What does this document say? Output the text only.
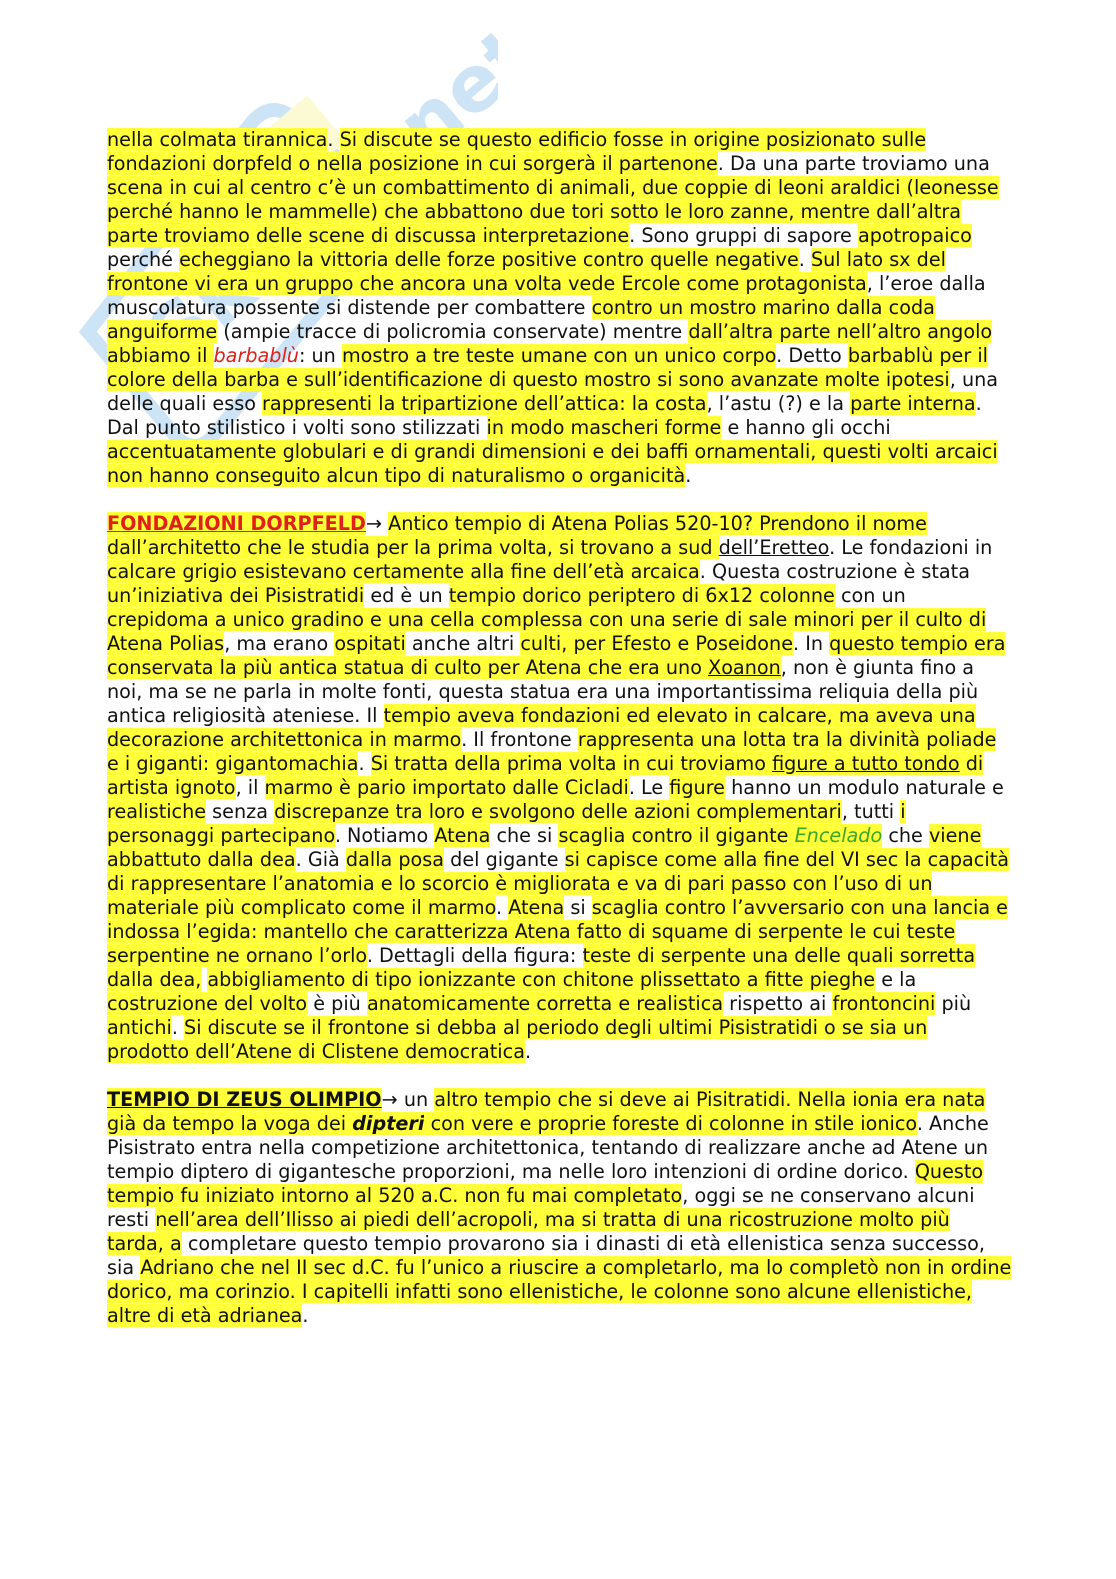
nella colmata tirannica. Si discute se questo edificio fosse in origine posizionato sulle fondazioni dorpfeld o nella posizione in cui sorgerà il partenone. Da una parte troviamo una scena in cui al centro c’è un combattimento di animali, due coppie di leoni araldici (leonesse perché hanno le mammelle) che abbattono due tori sotto le loro zanne, mentre dall’altra parte troviamo delle scene di discussa interpretazione. Sono gruppi di sapore apotropaico perché echeggiano la vittoria delle forze positive contro quelle negative. Sul lato sx del frontone vi era un gruppo che ancora una volta vede Ercole come protagonista, l’eroe dalla muscolatura possente si distende per combattere contro un mostro marino dalla coda anguiforme (ampie tracce di policromia conservate) mentre dall’altra parte nell’altro angolo abbiamo il barbablù: un mostro a tre teste umane con un unico corpo. Detto barbablù per il colore della barba e sull’identificazione di questo mostro si sono avanzate molte ipotesi, una delle quali esso rappresenti la tripartizione dell’attica: la costa, l’astu (?) e la parte interna. Dal punto stilistico i volti sono stilizzati in modo mascheri forme e hanno gli occhi accentuatamente globulari e di grandi dimensioni e dei baffi ornamentali, questi volti arcaici non hanno conseguito alcun tipo di naturalismo o organicità.

FONDAZIONI DORPFELD→ Antico tempio di Atena Polias 520-10? Prendono il nome dall’architetto che le studia per la prima volta, si trovano a sud dell’Eretteo. Le fondazioni in calcare grigio esistevano certamente alla fine dell’età arcaica. Questa costruzione è stata un’iniziativa dei Pisistratidi ed è un tempio dorico periptero di 6x12 colonne con un crepidoma a unico gradino e una cella complessa con una serie di sale minori per il culto di Atena Polias, ma erano ospitati anche altri culti, per Efesto e Poseidone. In questo tempio era conservata la più antica statua di culto per Atena che era uno Xoanon, non è giunta fino a noi, ma se ne parla in molte fonti, questa statua era una importantissima reliquia della più antica religiosità ateniese. Il tempio aveva fondazioni ed elevato in calcare, ma aveva una decorazione architettonica in marmo. Il frontone rappresenta una lotta tra la divinità poliade e i giganti: gigantomachia. Si tratta della prima volta in cui troviamo figure a tutto tondo di artista ignoto, il marmo è pario importato dalle Cicladi. Le figure hanno un modulo naturale e realistiche senza discrepanze tra loro e svolgono delle azioni complementari, tutti i personaggi partecipano. Notiamo Atena che si scaglia contro il gigante Encelado che viene abbattuto dalla dea. Già dalla posa del gigante si capisce come alla fine del VI sec la capacità di rappresentare l’anatomia e lo scorcio è migliorata e va di pari passo con l’uso di un materiale più complicato come il marmo. Atena si scaglia contro l’avversario con una lancia e indossa l’egida: mantello che caratterizza Atena fatto di squame di serpente le cui teste serpentine ne ornano l’orlo. Dettagli della figura: teste di serpente una delle quali sorretta dalla dea, abbigliamento di tipo ionizzante con chitone plissettato a fitte pieghe e la costruzione del volto è più anatomicamente corretta e realistica rispetto ai frontoncini più antichi. Si discute se il frontone si debba al periodo degli ultimi Pisistratidi o se sia un prodotto dell’Atene di Clistene democratica.

TEMPIO DI ZEUS OLIMPIO→ un altro tempio che si deve ai Pisitratidi. Nella ionia era nata già da tempo la voga dei dipteri con vere e proprie foreste di colonne in stile ionico. Anche Pisistrato entra nella competizione architettonica, tentando di realizzare anche ad Atene un tempio diptero di gigantesche proporzioni, ma nelle loro intenzioni di ordine dorico. Questo tempio fu iniziato intorno al 520 a.C. non fu mai completato, oggi se ne conservano alcuni resti nell’area dell’Ilisso ai piedi dell’acropoli, ma si tratta di una ricostruzione molto più tarda, a completare questo tempio provarono sia i dinasti di età ellenistica senza successo, sia Adriano che nel II sec d.C. fu l’unico a riuscire a completarlo, ma lo completò non in ordine dorico, ma corinzio. I capitelli infatti sono ellenistiche, le colonne sono alcune ellenistiche, altre di età adrianea.
